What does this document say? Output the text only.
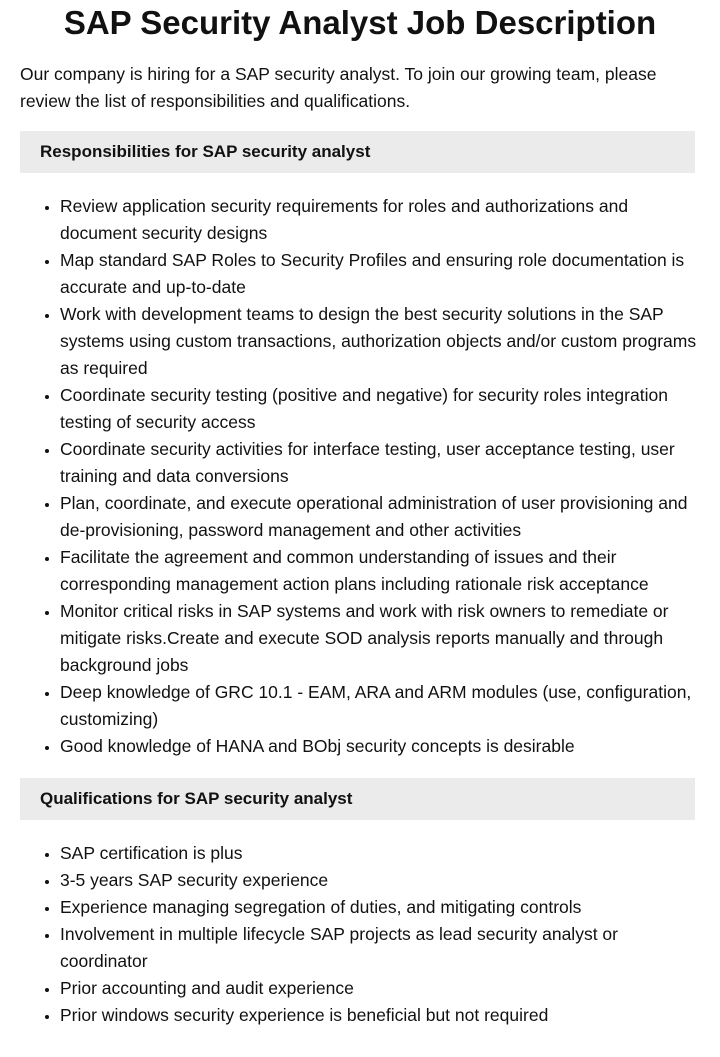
SAP Security Analyst Job Description

Our company is hiring for a SAP security analyst. To join our growing team, please review the list of responsibilities and qualifications.

Responsibilities for SAP security analyst
• Review application security requirements for roles and authorizations and document security designs
• Map standard SAP Roles to Security Profiles and ensuring role documentation is accurate and up-to-date
• Work with development teams to design the best security solutions in the SAP systems using custom transactions, authorization objects and/or custom programs as required
• Coordinate security testing (positive and negative) for security roles integration testing of security access
• Coordinate security activities for interface testing, user acceptance testing, user training and data conversions
• Plan, coordinate, and execute operational administration of user provisioning and de-provisioning, password management and other activities
• Facilitate the agreement and common understanding of issues and their corresponding management action plans including rationale risk acceptance
• Monitor critical risks in SAP systems and work with risk owners to remediate or mitigate risks.Create and execute SOD analysis reports manually and through background jobs
• Deep knowledge of GRC 10.1 - EAM, ARA and ARM modules (use, configuration, customizing)
• Good knowledge of HANA and BObj security concepts is desirable
Qualifications for SAP security analyst
• SAP certification is plus
• 3-5 years SAP security experience
• Experience managing segregation of duties, and mitigating controls
• Involvement in multiple lifecycle SAP projects as lead security analyst or coordinator
• Prior accounting and audit experience
• Prior windows security experience is beneficial but not required
